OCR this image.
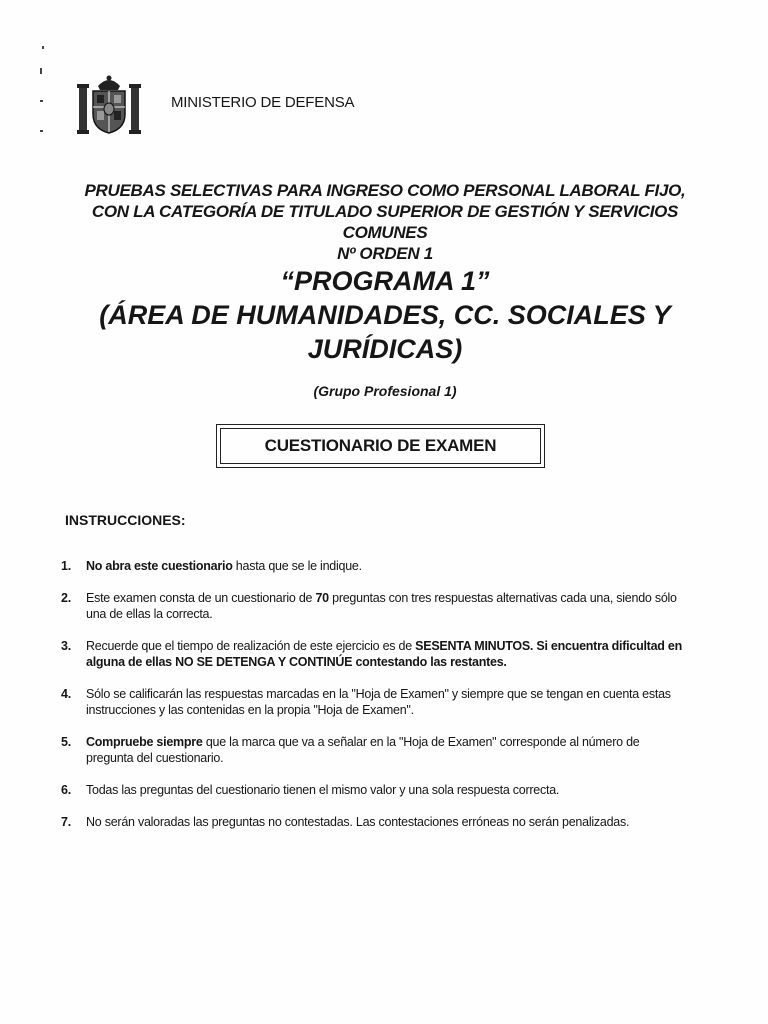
MINISTERIO DE DEFENSA
PRUEBAS SELECTIVAS PARA INGRESO COMO PERSONAL LABORAL FIJO,
CON LA CATEGORÍA DE TITULADO SUPERIOR DE GESTIÓN Y SERVICIOS
COMUNES
Nº ORDEN 1
“PROGRAMA 1”
(ÁREA DE HUMANIDADES, CC. SOCIALES Y
JURÍDICAS)
(Grupo Profesional 1)
CUESTIONARIO DE EXAMEN
INSTRUCCIONES:
1.	No abra este cuestionario hasta que se le indique.
2.	Este examen consta de un cuestionario de 70 preguntas con tres respuestas alternativas cada una, siendo sólo
una de ellas la correcta.
3.	Recuerde que el tiempo de realización de este ejercicio es de SESENTA MINUTOS. Si encuentra dificultad en
alguna de ellas NO SE DETENGA Y CONTINÚE contestando las restantes.
4.	Sólo se calificarán las respuestas marcadas en la "Hoja de Examen" y siempre que se tengan en cuenta estas
instrucciones y las contenidas en la propia "Hoja de Examen".
5.	Compruebe siempre que la marca que va a señalar en la "Hoja de Examen" corresponde al número de
pregunta del cuestionario.
6.	Todas las preguntas del cuestionario tienen el mismo valor y una sola respuesta correcta.
7.	No serán valoradas las preguntas no contestadas. Las contestaciones erróneas no serán penalizadas.
